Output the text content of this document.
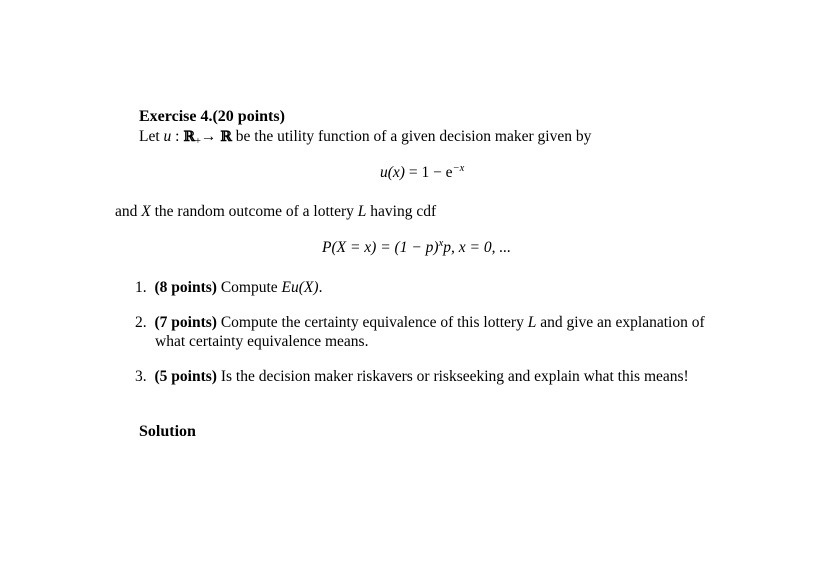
Exercise 4.(20 points)
Let u : ℝ$_+$→ ℝ be the utility function of a given decision maker given by
$u(x) = 1 - e^{-x}$
and X the random outcome of a lottery L having cdf
$P(X = x) = (1 - p)^xp$, x = 0, ...
1. (8 points) Compute Eu(X).
2. (7 points) Compute the certainty equivalence of this lottery L and give an explanation of
what certainty equivalence means.
3. (5 points) Is the decision maker riskavers or riskseeking and explain what this means!
Solution
